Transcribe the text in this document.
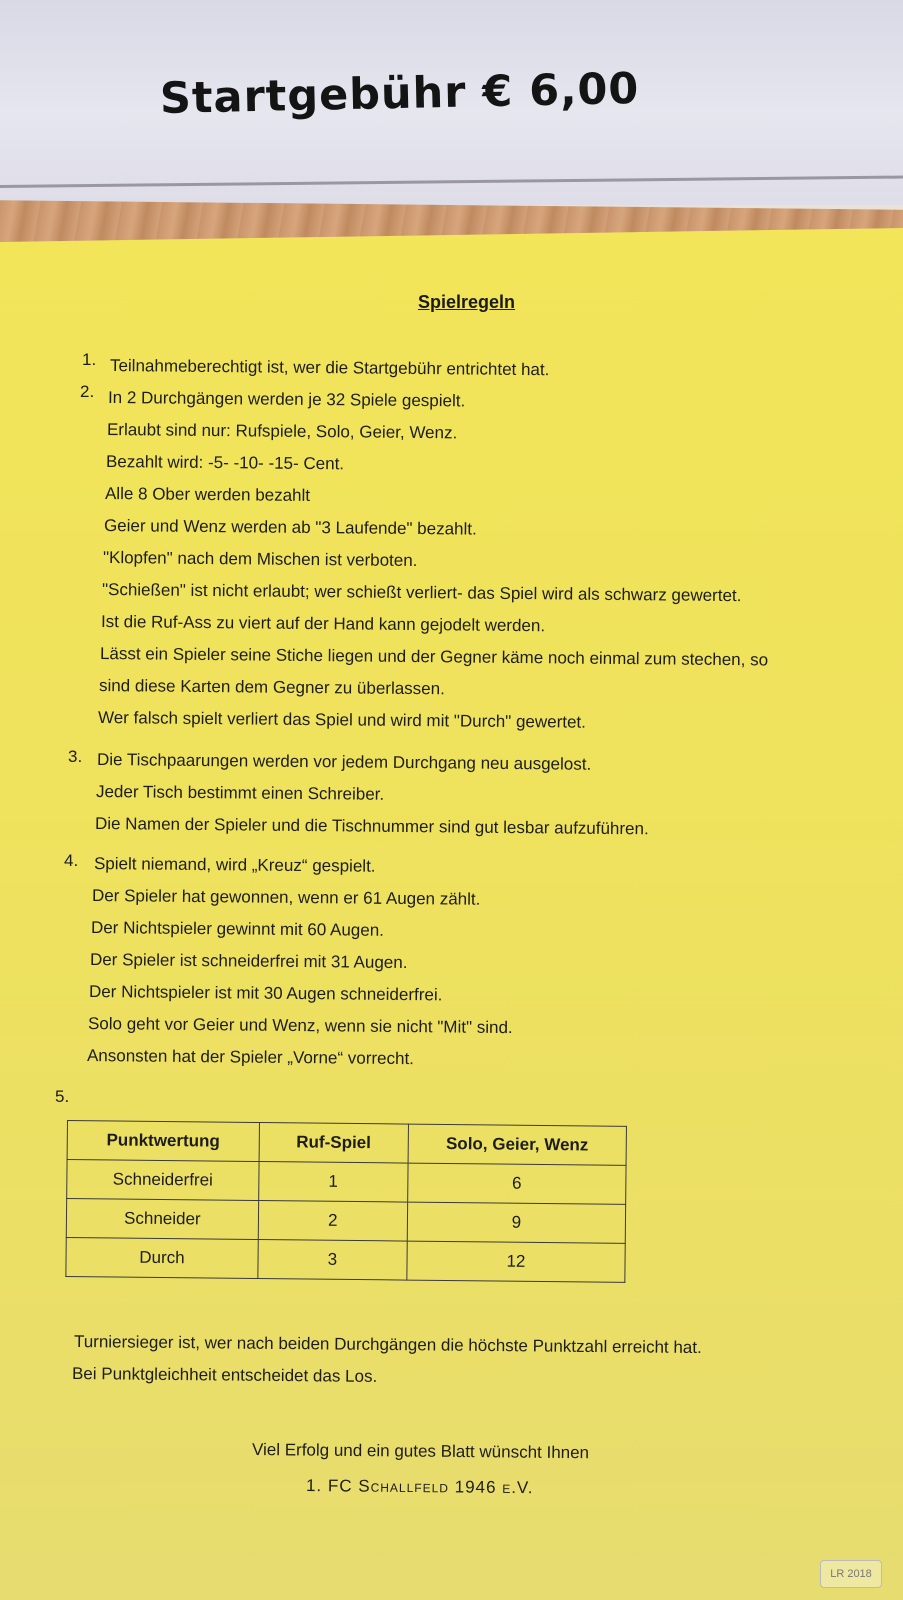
Startgebühr € 6,00
Spielregeln
1. Teilnahmeberechtigt ist, wer die Startgebühr entrichtet hat.
2. In 2 Durchgängen werden je 32 Spiele gespielt.
Erlaubt sind nur: Rufspiele, Solo, Geier, Wenz.
Bezahlt wird: -5- -10- -15- Cent.
Alle 8 Ober werden bezahlt
Geier und Wenz werden ab "3 Laufende" bezahlt.
"Klopfen" nach dem Mischen ist verboten.
"Schießen" ist nicht erlaubt; wer schießt verliert- das Spiel wird als schwarz gewertet.
Ist die Ruf-Ass zu viert auf der Hand kann gejodelt werden.
Lässt ein Spieler seine Stiche liegen und der Gegner käme noch einmal zum stechen, so
sind diese Karten dem Gegner zu überlassen.
Wer falsch spielt verliert das Spiel und wird mit "Durch" gewertet.
3. Die Tischpaarungen werden vor jedem Durchgang neu ausgelost.
Jeder Tisch bestimmt einen Schreiber.
Die Namen der Spieler und die Tischnummer sind gut lesbar aufzuführen.
4. Spielt niemand, wird „Kreuz“ gespielt.
Der Spieler hat gewonnen, wenn er 61 Augen zählt.
Der Nichtspieler gewinnt mit 60 Augen.
Der Spieler ist schneiderfrei mit 31 Augen.
Der Nichtspieler ist mit 30 Augen schneiderfrei.
Solo geht vor Geier und Wenz, wenn sie nicht "Mit" sind.
Ansonsten hat der Spieler „Vorne“ vorrecht.
5.
Punktwertung	Ruf-Spiel	Solo, Geier, Wenz
Schneiderfrei	1	6
Schneider	2	9
Durch	3	12
Turniersieger ist, wer nach beiden Durchgängen die höchste Punktzahl erreicht hat.
Bei Punktgleichheit entscheidet das Los.
Viel Erfolg und ein gutes Blatt wünscht Ihnen
1. FC Schallfeld 1946 e.V.
LR 2018
